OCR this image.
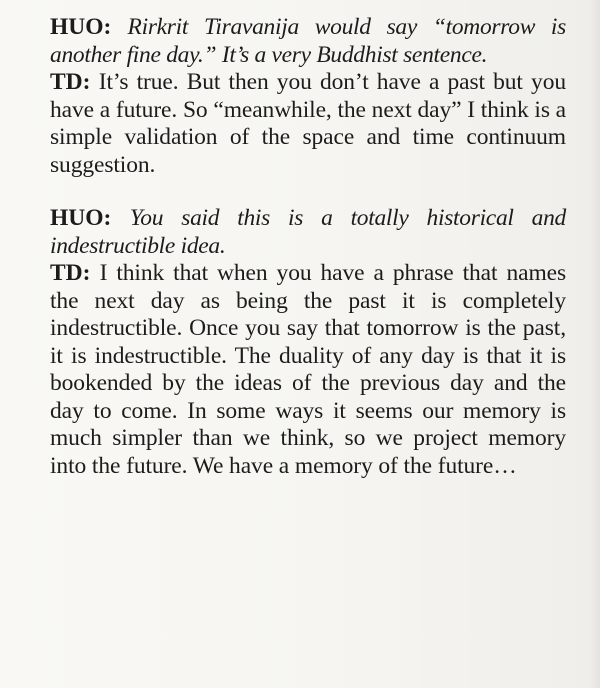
HUO: Rirkrit Tiravanija would say “tomorrow is another fine day.” It’s a very Buddhist sentence.

TD: It’s true. But then you don’t have a past but you have a future. So “meanwhile, the next day” I think is a simple validation of the space and time continuum suggestion.

HUO: You said this is a totally historical and indestructible idea.

TD: I think that when you have a phrase that names the next day as being the past it is completely indestructible. Once you say that tomorrow is the past, it is indestructible. The duality of any day is that it is bookended by the ideas of the previous day and the day to come. In some ways it seems our memory is much simpler than we think, so we project memory into the future. We have a memory of the future…
